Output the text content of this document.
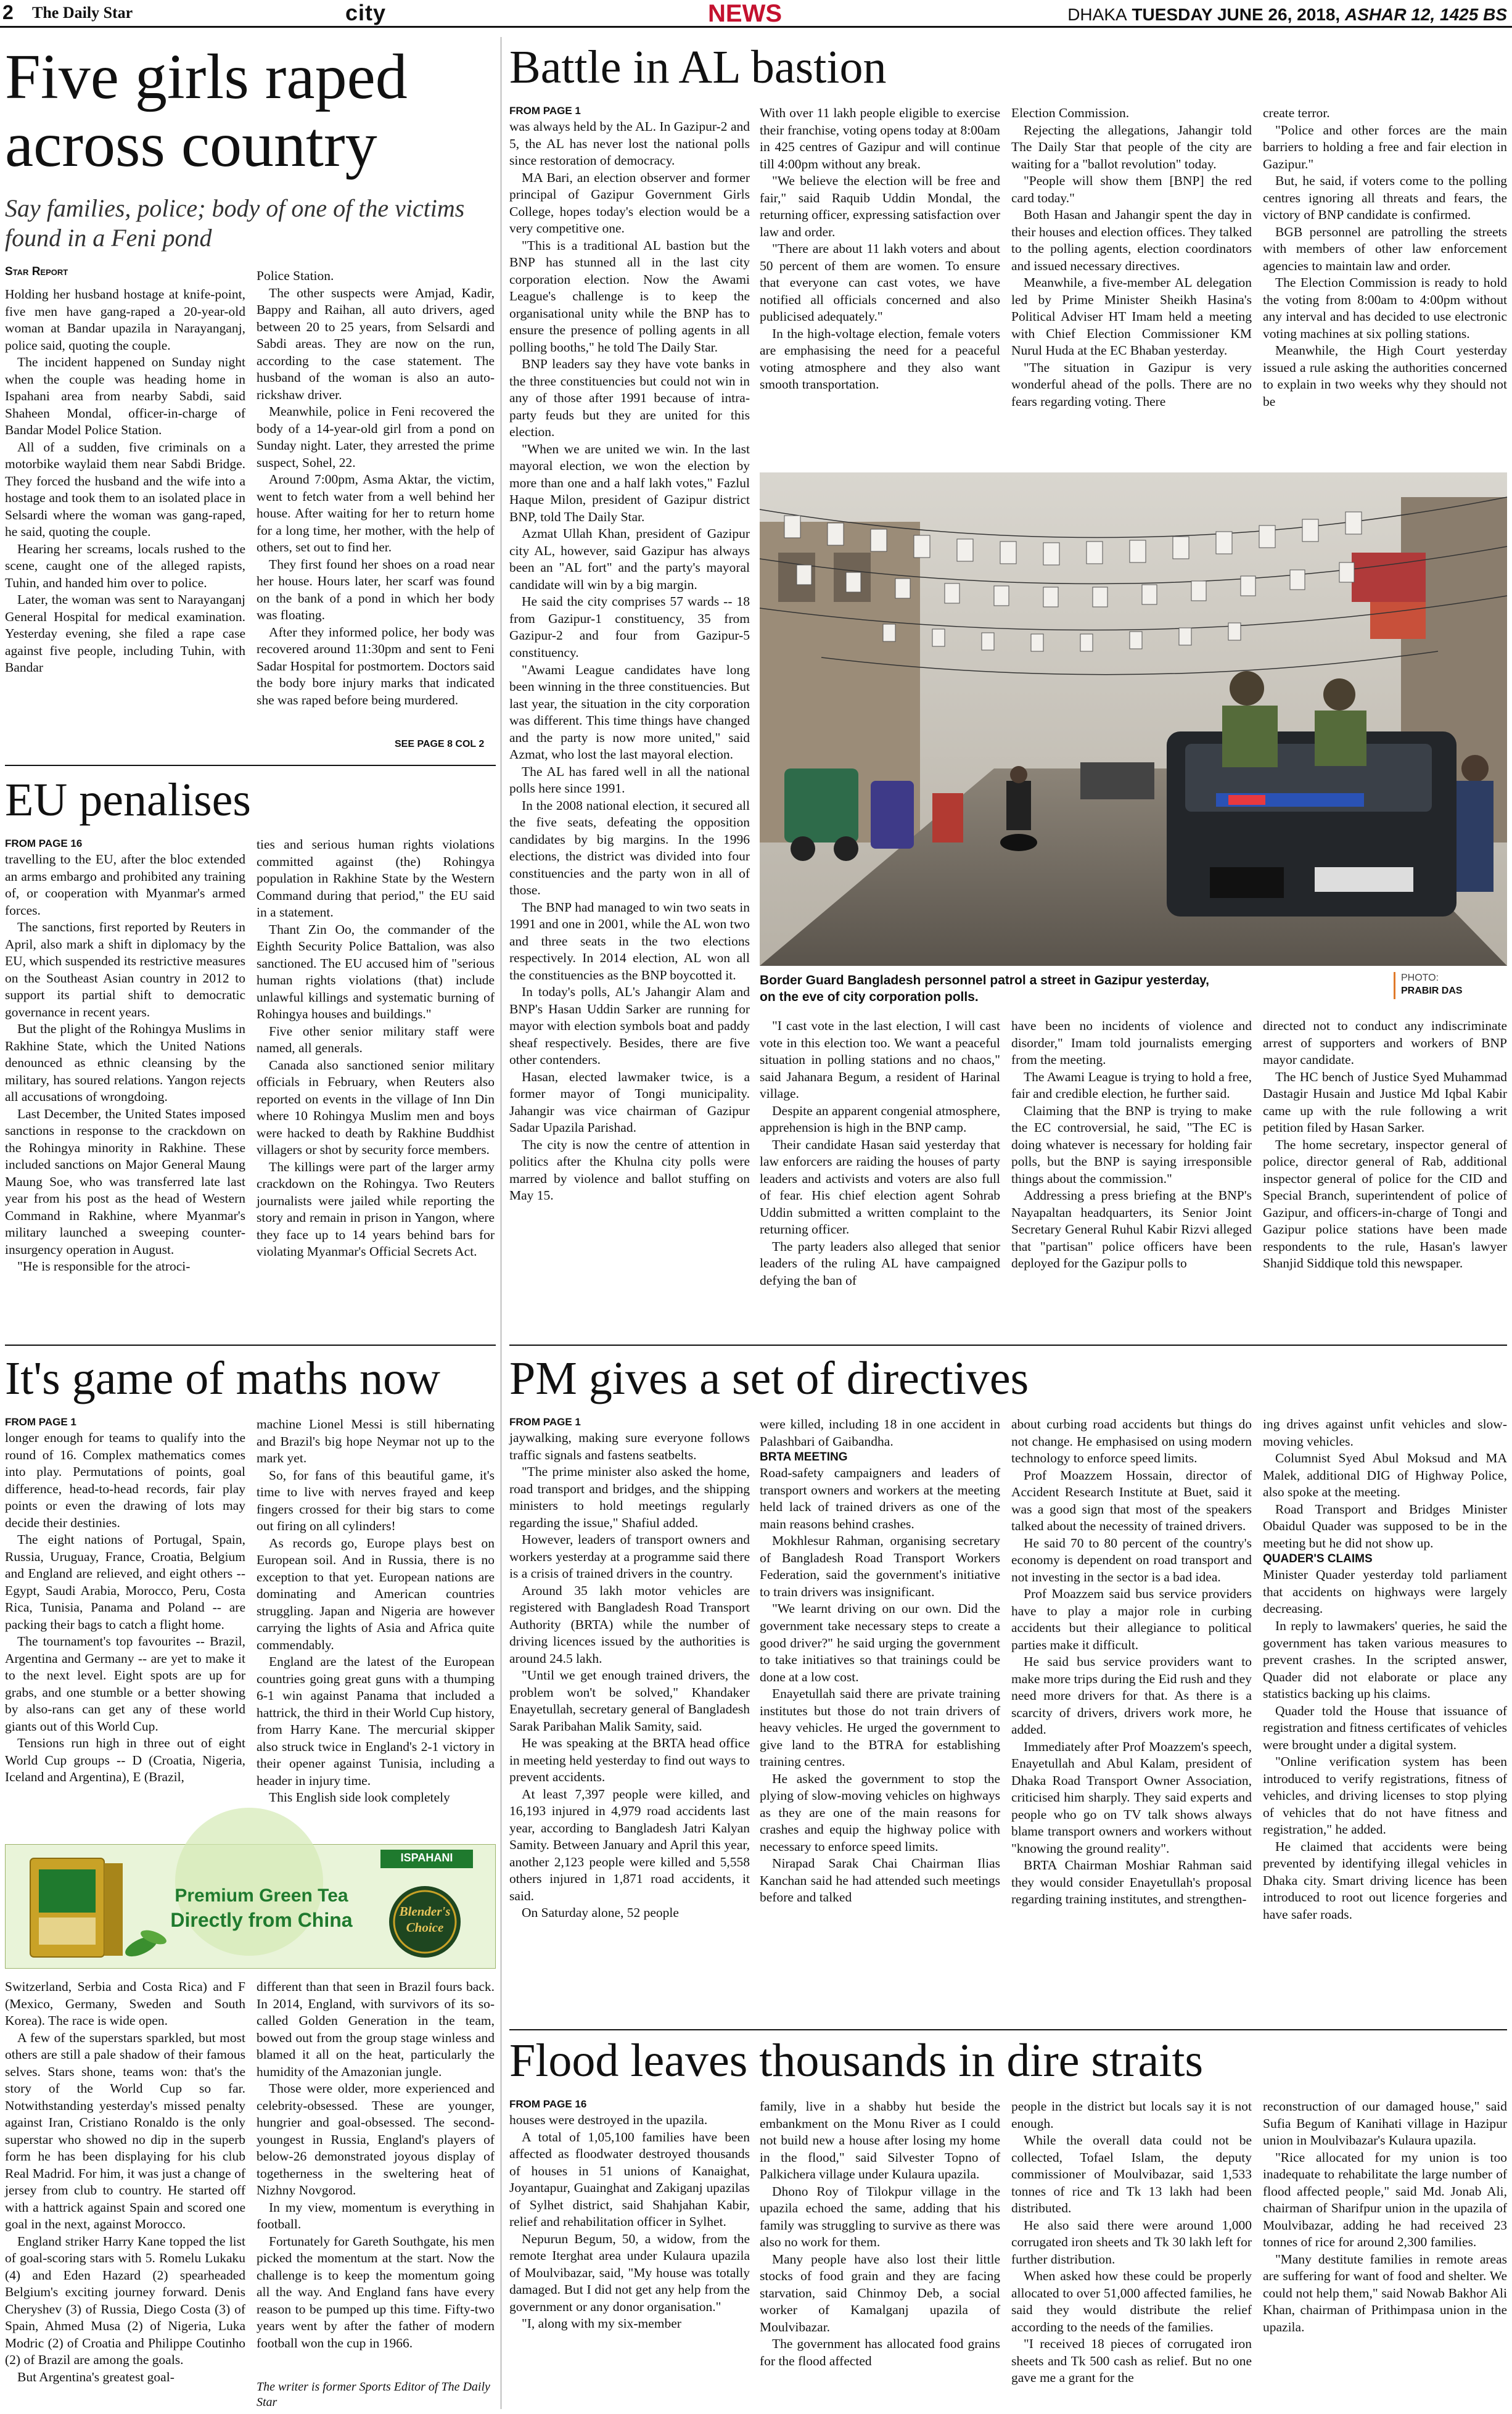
2 The Daily Star	city	NEWS	DHAKA TUESDAY JUNE 26, 2018, ASHAR 12, 1425 BS
Five girls raped
across country
Say families, police; body of one of the victims found in a Feni pond
Star Report

Holding her husband hostage at knife-point, five men have gang-raped a 20-year-old woman at Bandar upazila in Narayanganj, police said, quoting the couple.

The incident happened on Sunday night when the couple was heading home in Ispahani area from nearby Sabdi, said Shaheen Mondal, officer-in-charge of Bandar Model Police Station.

All of a sudden, five criminals on a motorbike waylaid them near Sabdi Bridge. They forced the husband and the wife into a hostage and took them to an isolated place in Selsardi where the woman was gang-raped, he said, quoting the couple.

Hearing her screams, locals rushed to the scene, caught one of the alleged rapists, Tuhin, and handed him over to police.

Later, the woman was sent to Narayanganj General Hospital for medical examination. Yesterday evening, she filed a rape case against five people, including Tuhin, with Bandar

Police Station.

The other suspects were Amjad, Kadir, Bappy and Raihan, all auto drivers, aged between 20 to 25 years, from Selsardi and Sabdi areas. They are now on the run, according to the case statement. The husband of the woman is also an auto-rickshaw driver.

Meanwhile, police in Feni recovered the body of a 14-year-old girl from a pond on Sunday night. Later, they arrested the prime suspect, Sohel, 22.

Around 7:00pm, Asma Aktar, the victim, went to fetch water from a well behind her house. After waiting for her to return home for a long time, her mother, with the help of others, set out to find her.

They first found her shoes on a road near her house. Hours later, her scarf was found on the bank of a pond in which her body was floating.

After they informed police, her body was recovered around 11:30pm and sent to Feni Sadar Hospital for postmortem. Doctors said the body bore injury marks that indicated she was raped before being murdered.

SEE PAGE 8 COL 2
EU penalises
FROM PAGE 16

travelling to the EU, after the bloc extended an arms embargo and prohibited any training of, or cooperation with Myanmar's armed forces.

The sanctions, first reported by Reuters in April, also mark a shift in diplomacy by the EU, which suspended its restrictive measures on the Southeast Asian country in 2012 to support its partial shift to democratic governance in recent years.

But the plight of the Rohingya Muslims in Rakhine State, which the United Nations denounced as ethnic cleansing by the military, has soured relations. Yangon rejects all accusations of wrongdoing.

Last December, the United States imposed sanctions in response to the crackdown on the Rohingya minority in Rakhine. These included sanctions on Major General Maung Maung Soe, who was transferred late last year from his post as the head of Western Command in Rakhine, where Myanmar's military launched a sweeping counter-insurgency operation in August.

"He is responsible for the atroci-

ties and serious human rights violations committed against (the) Rohingya population in Rakhine State by the Western Command during that period," the EU said in a statement.

Thant Zin Oo, the commander of the Eighth Security Police Battalion, was also sanctioned. The EU accused him of "serious human rights violations (that) include unlawful killings and systematic burning of Rohingya houses and buildings."

Five other senior military staff were named, all generals.

Canada also sanctioned senior military officials in February, when Reuters also reported on events in the village of Inn Din where 10 Rohingya Muslim men and boys were hacked to death by Rakhine Buddhist villagers or shot by security force members.

The killings were part of the larger army crackdown on the Rohingya. Two Reuters journalists were jailed while reporting the story and remain in prison in Yangon, where they face up to 14 years behind bars for violating Myanmar's Official Secrets Act.

It's game of maths now
FROM PAGE 1

longer enough for teams to qualify into the round of 16. Complex mathematics comes into play. Permutations of points, goal difference, head-to-head records, fair play points or even the drawing of lots may decide their destinies.

The eight nations of Portugal, Spain, Russia, Uruguay, France, Croatia, Belgium and England are relieved, and eight others -- Egypt, Saudi Arabia, Morocco, Peru, Costa Rica, Tunisia, Panama and Poland -- are packing their bags to catch a flight home.

The tournament's top favourites -- Brazil, Argentina and Germany -- are yet to make it to the next level. Eight spots are up for grabs, and one stumble or a better showing by also-rans can get any of these world giants out of this World Cup.

Tensions run high in three out of eight World Cup groups -- D (Croatia, Nigeria, Iceland and Argentina), E (Brazil,

machine Lionel Messi is still hibernating and Brazil's big hope Neymar not up to the mark yet.

So, for fans of this beautiful game, it's time to live with nerves frayed and keep fingers crossed for their big stars to come out firing on all cylinders!

As records go, Europe plays best on European soil. And in Russia, there is no exception to that yet. European nations are dominating and American countries struggling. Japan and Nigeria are however carrying the lights of Asia and Africa quite commendably.

England are the latest of the European countries going great guns with a thumping 6-1 win against Panama that included a hattrick, the third in their World Cup history, from Harry Kane. The mercurial skipper also struck twice in England's 2-1 victory in their opener against Tunisia, including a header in injury time.

This English side look completely

ISPAHANI
Premium Green Tea
Directly from China	Blender's
Choice

Switzerland, Serbia and Costa Rica) and F (Mexico, Germany, Sweden and South Korea). The race is wide open.

A few of the superstars sparkled, but most others are still a pale shadow of their famous selves. Stars shone, teams won: that's the story of the World Cup so far. Notwithstanding yesterday's missed penalty against Iran, Cristiano Ronaldo is the only superstar who showed no dip in the superb form he has been displaying for his club Real Madrid. For him, it was just a change of jersey from club to country. He started off with a hattrick against Spain and scored one goal in the next, against Morocco.

England striker Harry Kane topped the list of goal-scoring stars with 5. Romelu Lukaku (4) and Eden Hazard (2) spearheaded Belgium's exciting journey forward. Denis Cheryshev (3) of Russia, Diego Costa (3) of Spain, Ahmed Musa (2) of Nigeria, Luka Modric (2) of Croatia and Philippe Coutinho (2) of Brazil are among the goals.

But Argentina's greatest goal-

different than that seen in Brazil fours back. In 2014, England, with survivors of its so-called Golden Generation in the team, bowed out from the group stage winless and blamed it all on the heat, particularly the humidity of the Amazonian jungle.

Those were older, more experienced and celebrity-obsessed. These are younger, hungrier and goal-obsessed. The second-youngest in Russia, England's players of below-26 demonstrated joyous display of togetherness in the sweltering heat of Nizhny Novgorod.

In my view, momentum is everything in football.

Fortunately for Gareth Southgate, his men picked the momentum at the start. Now the challenge is to keep the momentum going all the way. And England fans have every reason to be pumped up this time. Fifty-two years went by after the father of modern football won the cup in 1966.

The writer is former Sports Editor of The Daily Star
Battle in AL bastion
FROM PAGE 1

was always held by the AL. In Gazipur-2 and 5, the AL has never lost the national polls since restoration of democracy.

MA Bari, an election observer and former principal of Gazipur Government Girls College, hopes today's election would be a very competitive one.

"This is a traditional AL bastion but the BNP has stunned all in the last city corporation election. Now the Awami League's challenge is to keep the organisational unity while the BNP has to ensure the presence of polling agents in all polling booths," he told The Daily Star.

BNP leaders say they have vote banks in the three constituencies but could not win in any of those after 1991 because of intra-party feuds but they are united for this election.

"When we are united we win. In the last mayoral election, we won the election by more than one and a half lakh votes," Fazlul Haque Milon, president of Gazipur district BNP, told The Daily Star.

Azmat Ullah Khan, president of Gazipur city AL, however, said Gazipur has always been an "AL fort" and the party's mayoral candidate will win by a big margin.

He said the city comprises 57 wards -- 18 from Gazipur-1 constituency, 35 from Gazipur-2 and four from Gazipur-5 constituency.

"Awami League candidates have long been winning in the three constituencies. But last year, the situation in the city corporation was different. This time things have changed and the party is now more united," said Azmat, who lost the last mayoral election.

The AL has fared well in all the national polls here since 1991.

In the 2008 national election, it secured all the five seats, defeating the opposition candidates by big margins. In the 1996 elections, the district was divided into four constituencies and the party won in all of those.

The BNP had managed to win two seats in 1991 and one in 2001, while the AL won two and three seats in the two elections respectively. In 2014 election, AL won all the constituencies as the BNP boycotted it.

In today's polls, AL's Jahangir Alam and BNP's Hasan Uddin Sarker are running for mayor with election symbols boat and paddy sheaf respectively. Besides, there are five other contenders.

Hasan, elected lawmaker twice, is a former mayor of Tongi municipality. Jahangir was vice chairman of Gazipur Sadar Upazila Parishad.

The city is now the centre of attention in politics after the Khulna city polls were marred by violence and ballot stuffing on May 15.

With over 11 lakh people eligible to exercise their franchise, voting opens today at 8:00am in 425 centres of Gazipur and will continue till 4:00pm without any break.

"We believe the election will be free and fair," said Raquib Uddin Mondal, the returning officer, expressing satisfaction over law and order.

"There are about 11 lakh voters and about 50 percent of them are women. To ensure that everyone can cast votes, we have notified all officials concerned and also publicised adequately."

In the high-voltage election, female voters are emphasising the need for a peaceful voting atmosphere and they also want smooth transportation.

Election Commission.

Rejecting the allegations, Jahangir told The Daily Star that people of the city are waiting for a "ballot revolution" today.

"People will show them [BNP] the red card today."

Both Hasan and Jahangir spent the day in their houses and election offices. They talked to the polling agents, election coordinators and issued necessary directives.

Meanwhile, a five-member AL delegation led by Prime Minister Sheikh Hasina's Political Adviser HT Imam held a meeting with Chief Election Commissioner KM Nurul Huda at the EC Bhaban yesterday.

"The situation in Gazipur is very wonderful ahead of the polls. There are no fears regarding voting. There

create terror.

"Police and other forces are the main barriers to holding a free and fair election in Gazipur."

But, he said, if voters come to the polling centres ignoring all threats and fears, the victory of BNP candidate is confirmed.

BGB personnel are patrolling the streets with members of other law enforcement agencies to maintain law and order.

The Election Commission is ready to hold the voting from 8:00am to 4:00pm without any interval and has decided to use electronic voting machines at six polling stations.

Meanwhile, the High Court yesterday issued a rule asking the authorities concerned to explain in two weeks why they should not be

Border Guard Bangladesh personnel patrol a street in Gazipur yesterday, on the eve of city corporation polls.
PHOTO:
PRABIR DAS

"I cast vote in the last election, I will cast vote in this election too. We want a peaceful situation in polling stations and no chaos," said Jahanara Begum, a resident of Harinal village.

Despite an apparent congenial atmosphere, apprehension is high in the BNP camp.

Their candidate Hasan said yesterday that law enforcers are raiding the houses of party leaders and activists and voters are also full of fear. His chief election agent Sohrab Uddin submitted a written complaint to the returning officer.

The party leaders also alleged that senior leaders of the ruling AL have campaigned defying the ban of

have been no incidents of violence and disorder," Imam told journalists emerging from the meeting.

The Awami League is trying to hold a free, fair and credible election, he further said.

Claiming that the BNP is trying to make the EC controversial, he said, "The EC is doing whatever is necessary for holding fair polls, but the BNP is saying irresponsible things about the commission."

Addressing a press briefing at the BNP's Nayapaltan headquarters, its Senior Joint Secretary General Ruhul Kabir Rizvi alleged that "partisan" police officers have been deployed for the Gazipur polls to

directed not to conduct any indiscriminate arrest of supporters and workers of BNP mayor candidate.

The HC bench of Justice Syed Muhammad Dastagir Husain and Justice Md Iqbal Kabir came up with the rule following a writ petition filed by Hasan Sarker.

The home secretary, inspector general of police, director general of Rab, additional inspector general of police for the CID and Special Branch, superintendent of police of Gazipur, and officers-in-charge of Tongi and Gazipur police stations have been made respondents to the rule, Hasan's lawyer Shanjid Siddique told this newspaper.

PM gives a set of directives
FROM PAGE 1

jaywalking, making sure everyone follows traffic signals and fastens seatbelts.

"The prime minister also asked the home, road transport and bridges, and the shipping ministers to hold meetings regularly regarding the issue," Shafiul added.

However, leaders of transport owners and workers yesterday at a programme said there is a crisis of trained drivers in the country.

Around 35 lakh motor vehicles are registered with Bangladesh Road Transport Authority (BRTA) while the number of driving licences issued by the authorities is around 24.5 lakh.

"Until we get enough trained drivers, the problem won't be solved," Khandaker Enayetullah, secretary general of Bangladesh Sarak Paribahan Malik Samity, said.

He was speaking at the BRTA head office in meeting held yesterday to find out ways to prevent accidents.

At least 7,397 people were killed, and 16,193 injured in 4,979 road accidents last year, according to Bangladesh Jatri Kalyan Samity. Between January and April this year, another 2,123 people were killed and 5,558 others injured in 1,871 road accidents, it said.

On Saturday alone, 52 people

were killed, including 18 in one accident in Palashbari of Gaibandha.

BRTA MEETING

Road-safety campaigners and leaders of transport owners and workers at the meeting held lack of trained drivers as one of the main reasons behind crashes.

Mokhlesur Rahman, organising secretary of Bangladesh Road Transport Workers Federation, said the government's initiative to train drivers was insignificant.

"We learnt driving on our own. Did the government take necessary steps to create a good driver?" he said urging the government to take initiatives so that trainings could be done at a low cost.

Enayetullah said there are private training institutes but those do not train drivers of heavy vehicles. He urged the government to give land to the BTRA for establishing training centres.

He asked the government to stop the plying of slow-moving vehicles on highways as they are one of the main reasons for crashes and equip the highway police with necessary to enforce speed limits.

Nirapad Sarak Chai Chairman Ilias Kanchan said he had attended such meetings before and talked

about curbing road accidents but things do not change. He emphasised on using modern technology to enforce speed limits.

Prof Moazzem Hossain, director of Accident Research Institute at Buet, said it was a good sign that most of the speakers talked about the necessity of trained drivers.

He said 70 to 80 percent of the country's economy is dependent on road transport and not investing in the sector is a bad idea.

Prof Moazzem said bus service providers have to play a major role in curbing accidents but their allegiance to political parties make it difficult.

He said bus service providers want to make more trips during the Eid rush and they need more drivers for that. As there is a scarcity of drivers, drivers work more, he added.

Immediately after Prof Moazzem's speech, Enayetullah and Abul Kalam, president of Dhaka Road Transport Owner Association, criticised him sharply. They said experts and people who go on TV talk shows always blame transport owners and workers without "knowing the ground reality".

BRTA Chairman Moshiar Rahman said they would consider Enayetullah's proposal regarding training institutes, and strengthen-

ing drives against unfit vehicles and slow-moving vehicles.

Columnist Syed Abul Moksud and MA Malek, additional DIG of Highway Police, also spoke at the meeting.

Road Transport and Bridges Minister Obaidul Quader was supposed to be in the meeting but he did not show up.

QUADER'S CLAIMS

Minister Quader yesterday told parliament that accidents on highways were largely decreasing.

In reply to lawmakers' queries, he said the government has taken various measures to prevent crashes. In the scripted answer, Quader did not elaborate or place any statistics backing up his claims.

Quader told the House that issuance of registration and fitness certificates of vehicles were brought under a digital system.

"Online verification system has been introduced to verify registrations, fitness of vehicles, and driving licenses to stop plying of vehicles that do not have fitness and registration," he added.

He claimed that accidents were being prevented by identifying illegal vehicles in Dhaka city. Smart driving licence has been introduced to root out licence forgeries and have safer roads.

Flood leaves thousands in dire straits
FROM PAGE 16

houses were destroyed in the upazila.

A total of 1,05,100 families have been affected as floodwater destroyed thousands of houses in 51 unions of Kanaighat, Joyantapur, Guainghat and Zakiganj upazilas of Sylhet district, said Shahjahan Kabir, relief and rehabilitation officer in Sylhet.

Nepurun Begum, 50, a widow, from the remote Iterghat area under Kulaura upazila of Moulvibazar, said, "My house was totally damaged. But I did not get any help from the government or any donor organisation."

"I, along with my six-member

family, live in a shabby hut beside the embankment on the Monu River as I could not build new a house after losing my home in the flood," said Silvester Topno of Palkichera village under Kulaura upazila.

Dhono Roy of Tilokpur village in the upazila echoed the same, adding that his family was struggling to survive as there was also no work for them.

Many people have also lost their little stocks of food grain and they are facing starvation, said Chinmoy Deb, a social worker of Kamalganj upazila of Moulvibazar.

The government has allocated food grains for the flood affected

people in the district but locals say it is not enough.

While the overall data could not be collected, Tofael Islam, the deputy commissioner of Moulvibazar, said 1,533 tonnes of rice and Tk 13 lakh had been distributed.

He also said there were around 1,000 corrugated iron sheets and Tk 30 lakh left for further distribution.

When asked how these could be properly allocated to over 51,000 affected families, he said they would distribute the relief according to the needs of the families.

"I received 18 pieces of corrugated iron sheets and Tk 500 cash as relief. But no one gave me a grant for the

reconstruction of our damaged house," said Sufia Begum of Kanihati village in Hazipur union in Moulvibazar's Kulaura upazila.

"Rice allocated for my union is too inadequate to rehabilitate the large number of flood affected people," said Md. Jonab Ali, chairman of Sharifpur union in the upazila of Moulvibazar, adding he had received 23 tonnes of rice for around 2,300 families.

"Many destitute families in remote areas are suffering for want of food and shelter. We could not help them," said Nowab Bakhor Ali Khan, chairman of Prithimpasa union in the upazila.
